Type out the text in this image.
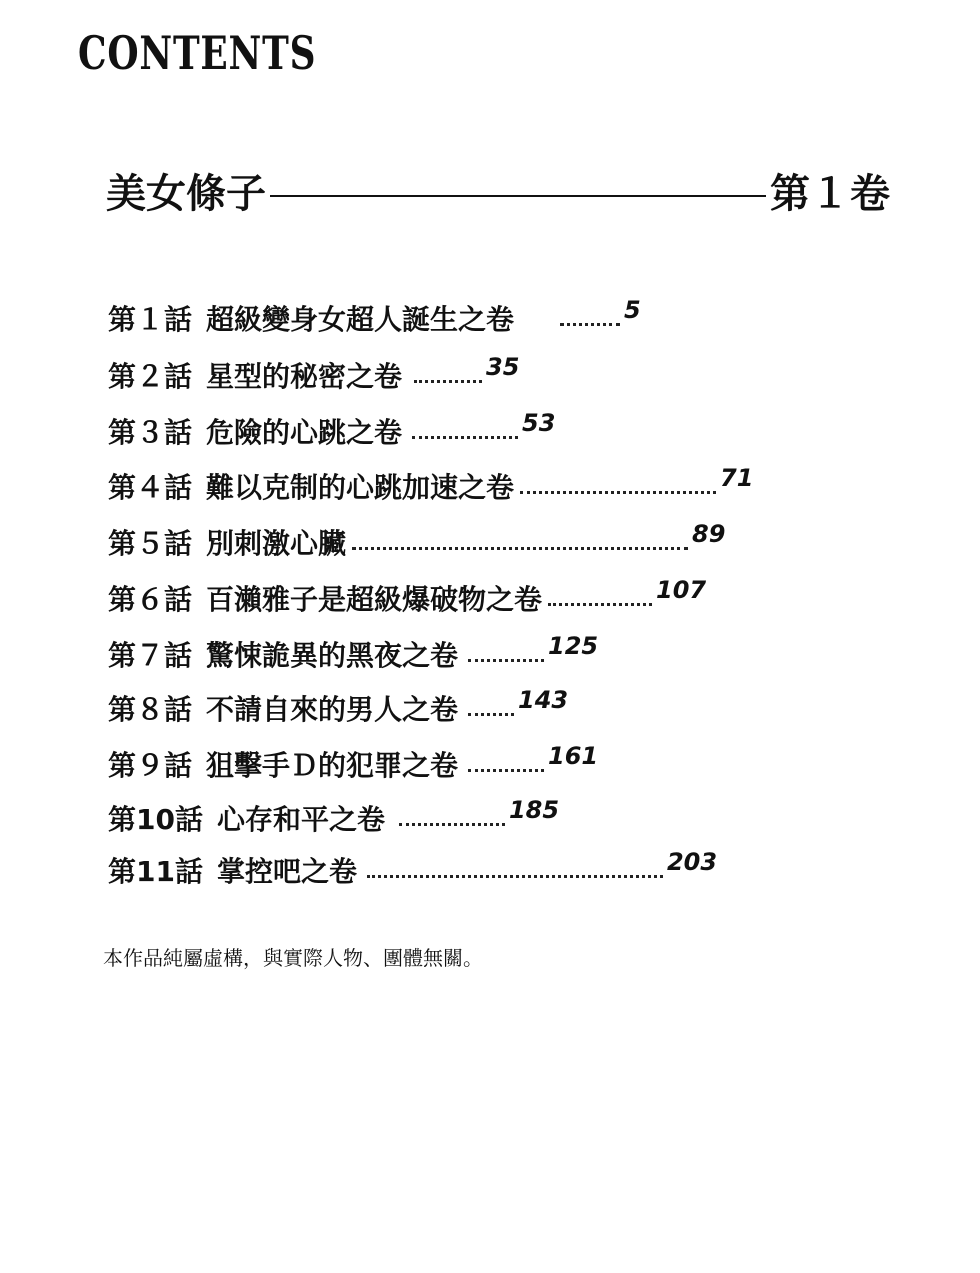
CONTENTS
美女條子	第１卷
第１話 超級變身女超人誕生之卷	5
第２話 星型的秘密之卷	35
第３話 危險的心跳之卷	53
第４話 難以克制的心跳加速之卷	71
第５話 別刺激心臟	89
第６話 百瀨雅子是超級爆破物之卷	107
第７話 驚悚詭異的黑夜之卷	125
第８話 不請自來的男人之卷	143
第９話 狙擊手Ｄ的犯罪之卷	161
第10話 心存和平之卷	185
第11話 掌控吧之卷	203
本作品純屬虛構，與實際人物、團體無關。
